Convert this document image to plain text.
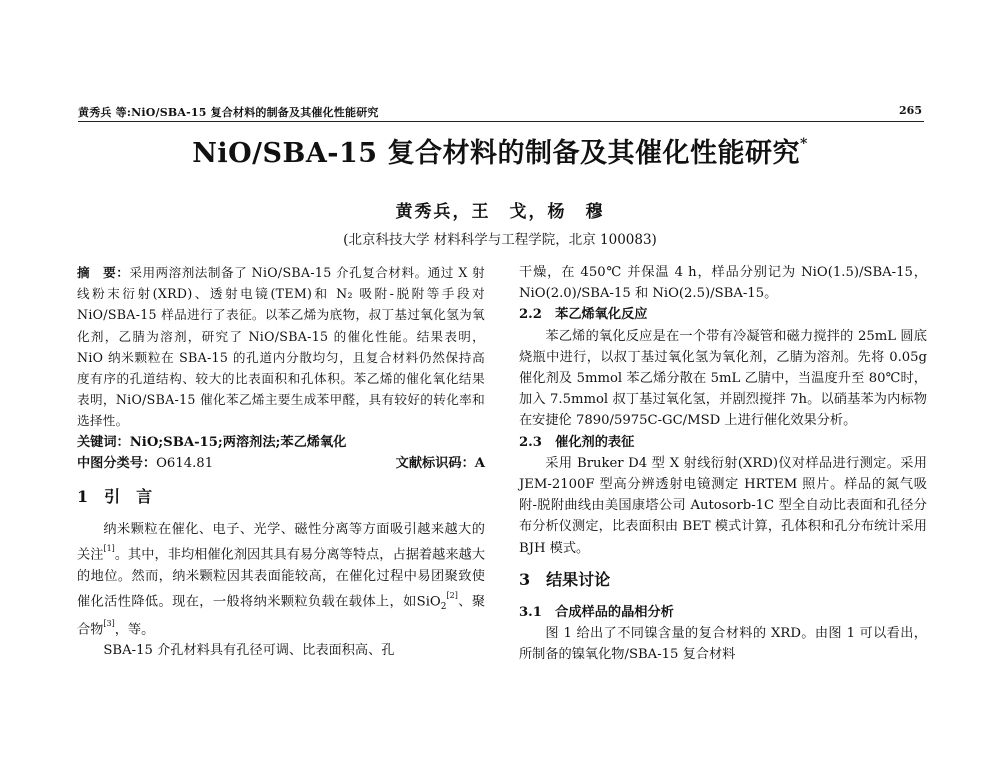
黄秀兵 等:NiO/SBA-15 复合材料的制备及其催化性能研究	265
NiO/SBA-15 复合材料的制备及其催化性能研究*
黄秀兵，王　戈，杨　穆
(北京科技大学 材料科学与工程学院，北京 100083)

摘　要：采用两溶剂法制备了 NiO/SBA-15 介孔复合材料。通过 X 射线粉末衍射(XRD)、透射电镜(TEM)和 N₂ 吸附-脱附等手段对 NiO/SBA-15 样品进行了表征。以苯乙烯为底物，叔丁基过氧化氢为氧化剂，乙腈为溶剂，研究了 NiO/SBA-15 的催化性能。结果表明，NiO 纳米颗粒在 SBA-15 的孔道内分散均匀，且复合材料仍然保持高度有序的孔道结构、较大的比表面积和孔体积。苯乙烯的催化氧化结果表明，NiO/SBA-15 催化苯乙烯主要生成苯甲醛，具有较好的转化率和选择性。

关键词：NiO;SBA-15;两溶剂法;苯乙烯氧化

中图分类号：O614.81	文献标识码：A
1　引　言

纳米颗粒在催化、电子、光学、磁性分离等方面吸引越来越大的关注[1]。其中，非均相催化剂因其具有易分离等特点，占据着越来越大的地位。然而，纳米颗粒因其表面能较高，在催化过程中易团聚致使催化活性降低。现在，一般将纳米颗粒负载在载体上，如SiO$_2$[2]、聚合物[3]，等。

SBA-15 介孔材料具有孔径可调、比表面积高、孔

干燥，在 450℃ 并保温 4 h，样品分别记为 NiO(1.5)/SBA-15，NiO(2.0)/SBA-15 和 NiO(2.5)/SBA-15。

2.2　苯乙烯氧化反应

苯乙烯的氧化反应是在一个带有冷凝管和磁力搅拌的 25mL 圆底烧瓶中进行，以叔丁基过氧化氢为氧化剂，乙腈为溶剂。先将 0.05g 催化剂及 5mmol 苯乙烯分散在 5mL 乙腈中，当温度升至 80℃时，加入 7.5mmol 叔丁基过氧化氢，并剧烈搅拌 7h。以硝基苯为内标物在安捷伦 7890/5975C-GC/MSD 上进行催化效果分析。

2.3　催化剂的表征

采用 Bruker D4 型 X 射线衍射(XRD)仪对样品进行测定。采用 JEM-2100F 型高分辨透射电镜测定 HRTEM 照片。样品的氮气吸附-脱附曲线由美国康塔公司 Autosorb-1C 型全自动比表面和孔径分布分析仪测定，比表面积由 BET 模式计算，孔体积和孔分布统计采用 BJH 模式。

3　结果讨论

3.1　合成样品的晶相分析

图 1 给出了不同镍含量的复合材料的 XRD。由图 1 可以看出，所制备的镍氧化物/SBA-15 复合材料
